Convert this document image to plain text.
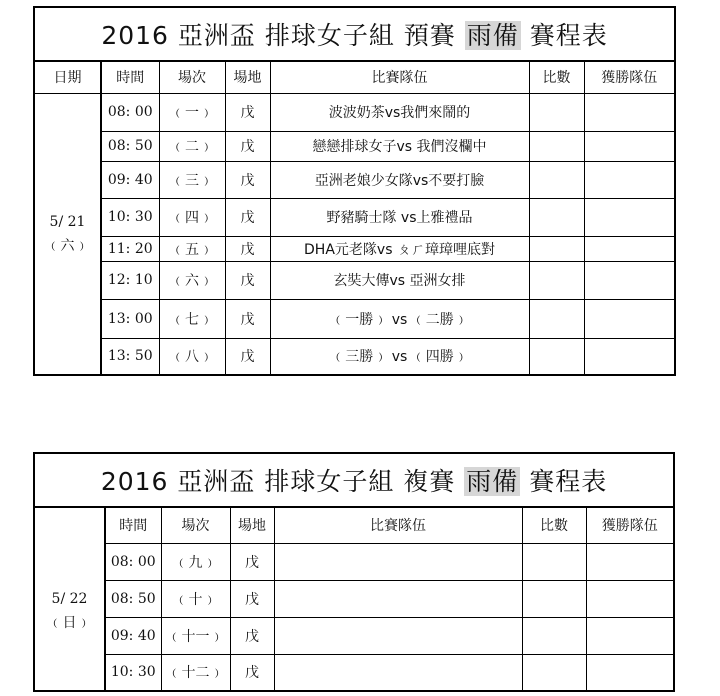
2016 亞洲盃 排球女子組 預賽 雨備 賽程表						
日期	時間	場次	場地	比賽隊伍	比數	獲勝隊伍
5/ 21
﹙六﹚	08: 00	﹙一﹚	戊	波波奶茶vs我們來鬧的		
	08: 50	﹙二﹚	戊	戀戀排球女子vs 我們沒欄中		
	09: 40	﹙三﹚	戊	亞洲老娘少女隊vs不要打臉		
	10: 30	﹙四﹚	戊	野豬騎士隊 vs上雅禮品		
	11: 20	﹙五﹚	戊	DHA元老隊vs ㄆㄏ璋璋哩底對		
	12: 10	﹙六﹚	戊	玄奘大傳vs 亞洲女排		
	13: 00	﹙七﹚	戊	﹙一勝﹚ vs ﹙二勝﹚		
	13: 50	﹙八﹚	戊	﹙三勝﹚ vs ﹙四勝﹚		
2016 亞洲盃 排球女子組 複賽 雨備 賽程表						

5/ 22
﹙日﹚	時間	場次	場地	比賽隊伍	比數	獲勝隊伍
	08: 00	﹙九﹚	戊			
	08: 50	﹙十﹚	戊			
	09: 40	﹙十一﹚	戊			
	10: 30	﹙十二﹚	戊			
